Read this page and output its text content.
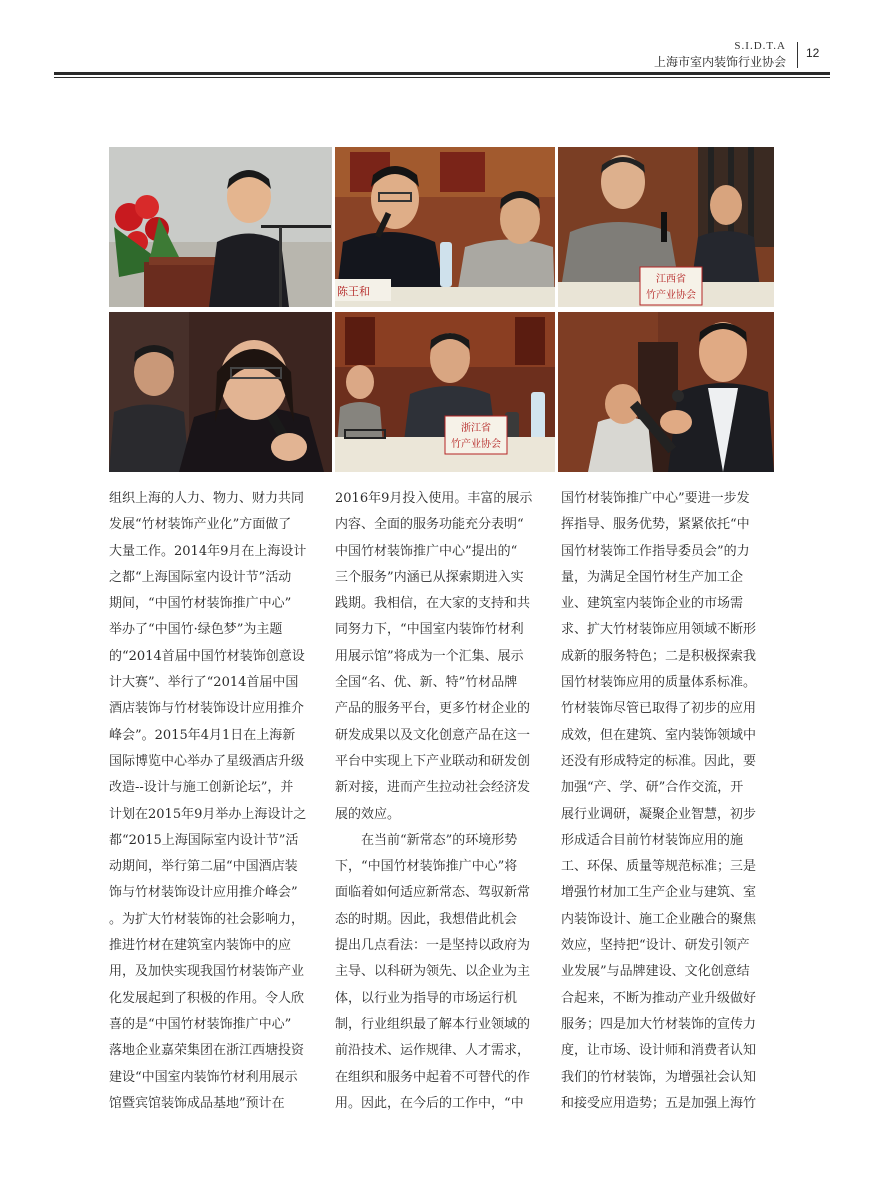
S.I.D.T.A
上海市室内装饰行业协会
12
陈王和
江西省
竹产业协会
浙江省
竹产业协会
组织上海的人力、物力、财力共同
发展“竹材装饰产业化”方面做了
大量工作。2014年9月在上海设计
之都“上海国际室内设计节”活动
期间，“中国竹材装饰推广中心”
举办了“中国竹·绿色梦”为主题
的“2014首届中国竹材装饰创意设
计大赛”、举行了“2014首届中国
酒店装饰与竹材装饰设计应用推介
峰会”。2015年4月1日在上海新
国际博览中心举办了星级酒店升级
改造--设计与施工创新论坛”，并
计划在2015年9月举办上海设计之
都“2015上海国际室内设计节”活
动期间，举行第二届“中国酒店装
饰与竹材装饰设计应用推介峰会”
。为扩大竹材装饰的社会影响力，
推进竹材在建筑室内装饰中的应
用，及加快实现我国竹材装饰产业
化发展起到了积极的作用。令人欣
喜的是“中国竹材装饰推广中心”
落地企业嘉荣集团在浙江西塘投资
建设“中国室内装饰竹材利用展示
馆暨宾馆装饰成品基地”预计在
2016年9月投入使用。丰富的展示
内容、全面的服务功能充分表明“
中国竹材装饰推广中心”提出的“
三个服务”内涵已从探索期进入实
践期。我相信，在大家的支持和共
同努力下，“中国室内装饰竹材利
用展示馆”将成为一个汇集、展示
全国“名、优、新、特”竹材品牌
产品的服务平台，更多竹材企业的
研发成果以及文化创意产品在这一
平台中实现上下产业联动和研发创
新对接，进而产生拉动社会经济发
展的效应。
在当前“新常态”的环境形势
下，“中国竹材装饰推广中心”将
面临着如何适应新常态、驾驭新常
态的时期。因此，我想借此机会
提出几点看法：一是坚持以政府为
主导、以科研为领先、以企业为主
体，以行业为指导的市场运行机
制，行业组织最了解本行业领域的
前沿技术、运作规律、人才需求，
在组织和服务中起着不可替代的作
用。因此，在今后的工作中，“中
国竹材装饰推广中心”要进一步发
挥指导、服务优势，紧紧依托“中
国竹材装饰工作指导委员会”的力
量，为满足全国竹材生产加工企
业、建筑室内装饰企业的市场需
求、扩大竹材装饰应用领域不断形
成新的服务特色；二是积极探索我
国竹材装饰应用的质量体系标准。
竹材装饰尽管已取得了初步的应用
成效，但在建筑、室内装饰领域中
还没有形成特定的标准。因此，要
加强“产、学、研”合作交流，开
展行业调研，凝聚企业智慧，初步
形成适合目前竹材装饰应用的施
工、环保、质量等规范标准；三是
增强竹材加工生产企业与建筑、室
内装饰设计、施工企业融合的聚焦
效应，坚持把“设计、研发引领产
业发展”与品牌建设、文化创意结
合起来，不断为推动产业升级做好
服务；四是加大竹材装饰的宣传力
度，让市场、设计师和消费者认知
我们的竹材装饰，为增强社会认知
和接受应用造势；五是加强上海竹
